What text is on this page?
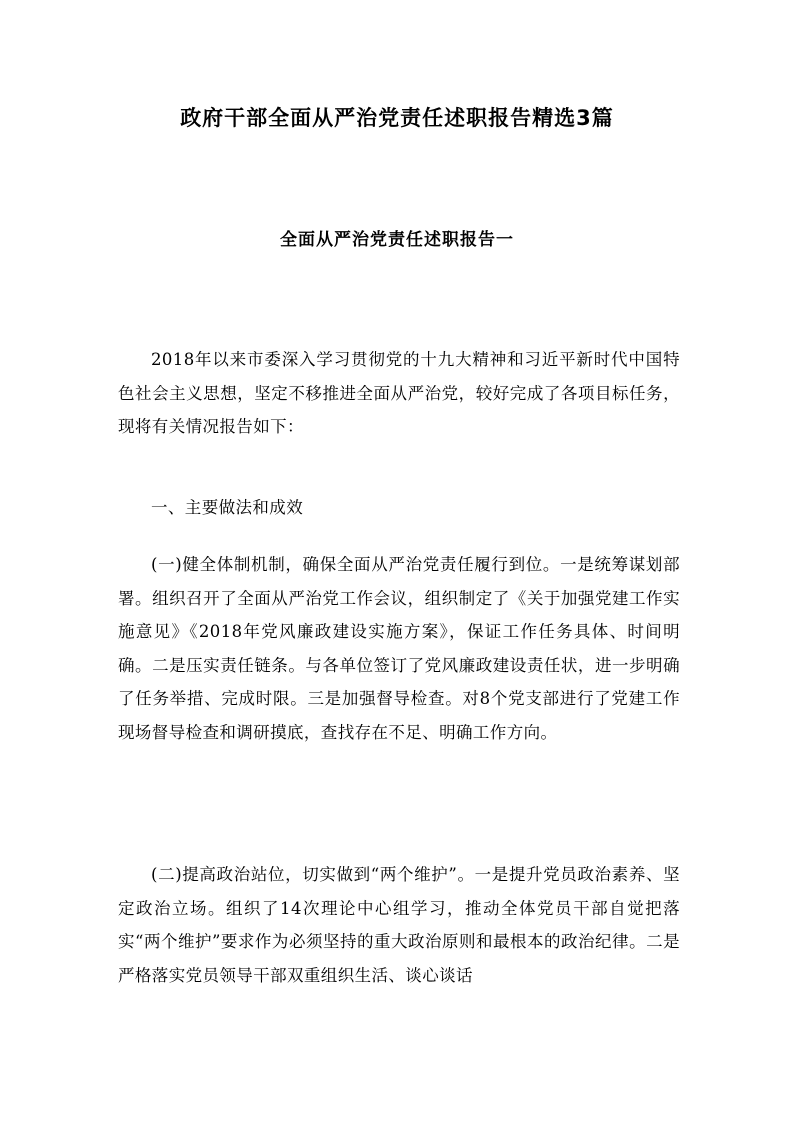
政府干部全面从严治党责任述职报告精选3篇
全面从严治党责任述职报告一

2018年以来市委深入学习贯彻党的十九大精神和习近平新时代中国特色社会主义思想，坚定不移推进全面从严治党，较好完成了各项目标任务，现将有关情况报告如下：

一、主要做法和成效

(一)健全体制机制，确保全面从严治党责任履行到位。一是统筹谋划部署。组织召开了全面从严治党工作会议，组织制定了《关于加强党建工作实施意见》《2018年党风廉政建设实施方案》，保证工作任务具体、时间明确。二是压实责任链条。与各单位签订了党风廉政建设责任状，进一步明确了任务举措、完成时限。三是加强督导检查。对8个党支部进行了党建工作现场督导检查和调研摸底，查找存在不足、明确工作方向。

(二)提高政治站位，切实做到“两个维护”。一是提升党员政治素养、坚定政治立场。组织了14次理论中心组学习，推动全体党员干部自觉把落实“两个维护”要求作为必须坚持的重大政治原则和最根本的政治纪律。二是严格落实党员领导干部双重组织生活、谈心谈话
